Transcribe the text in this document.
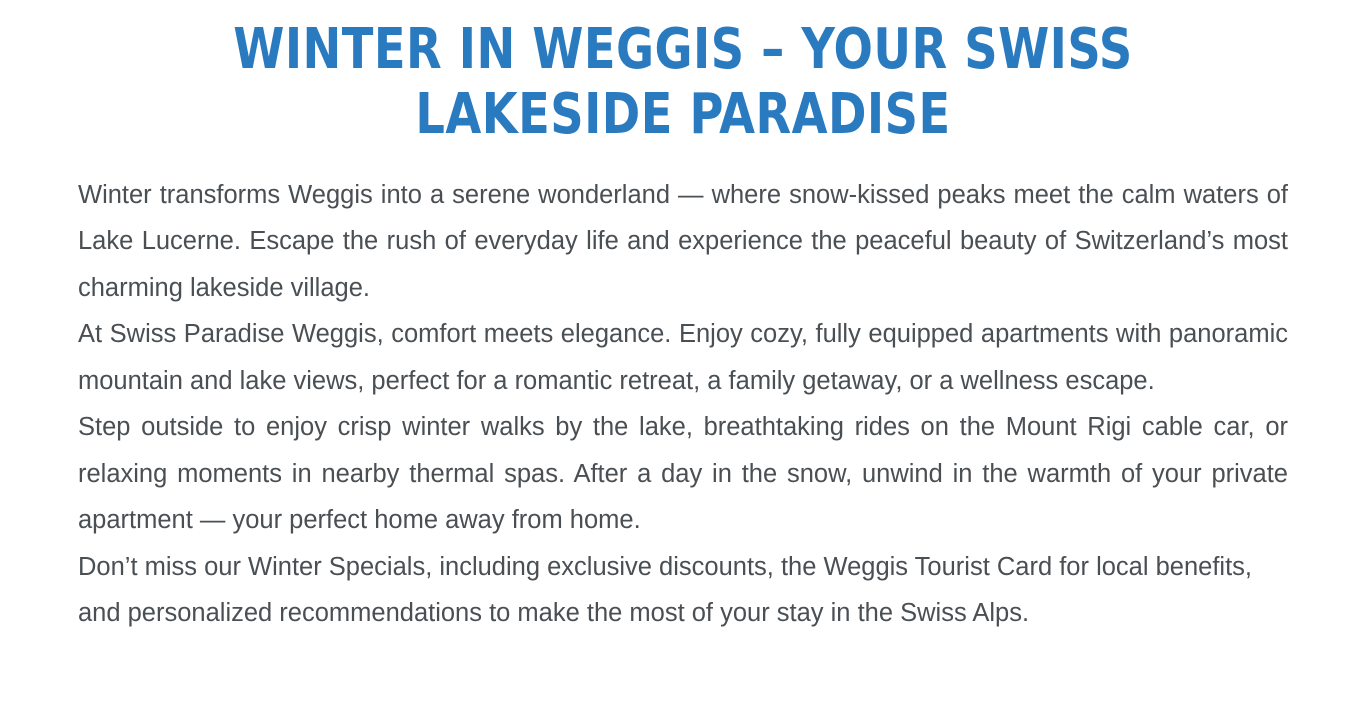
WINTER IN WEGGIS – YOUR SWISS LAKESIDE PARADISE

Winter transforms Weggis into a serene wonderland — where snow-kissed peaks meet the calm waters of Lake Lucerne. Escape the rush of everyday life and experience the peaceful beauty of Switzerland’s most charming lakeside village.

At Swiss Paradise Weggis, comfort meets elegance. Enjoy cozy, fully equipped apartments with panoramic mountain and lake views, perfect for a romantic retreat, a family getaway, or a wellness escape.

Step outside to enjoy crisp winter walks by the lake, breathtaking rides on the Mount Rigi cable car, or relaxing moments in nearby thermal spas. After a day in the snow, unwind in the warmth of your private apartment — your perfect home away from home.

Don’t miss our Winter Specials, including exclusive discounts, the Weggis Tourist Card for local benefits, and personalized recommendations to make the most of your stay in the Swiss Alps.
